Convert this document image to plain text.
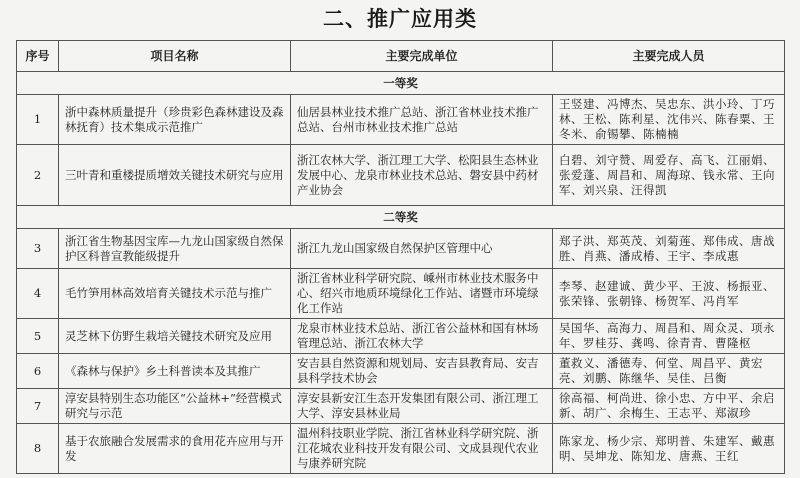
二、推广应用类
序号	项目名称	主要完成单位	主要完成人员
一等奖			
1	浙中森林质量提升（珍贵彩色森林建设及森林抚育）技术集成示范推广	仙居县林业技术推广总站、浙江省林业技术推广总站、台州市林业技术推广总站	王竖建、冯博杰、吴忠东、洪小玲、丁巧林、王松、陈利星、沈伟兴、陈春粟、王冬米、俞锡攀、陈楠楠
2	三叶青和重楼提质增效关键技术研究与应用	浙江农林大学、浙江理工大学、松阳县生态林业发展中心、龙泉市林业技术总站、磐安县中药材产业协会	白碧、刘守赞、周爱存、高飞、江丽娟、张爱蓬、周昌和、周海琼、钱永常、王向军、刘兴泉、汪得凯
二等奖			
3	浙江省生物基因宝库—九龙山国家级自然保护区科普宣教能级提升	浙江九龙山国家级自然保护区管理中心	郑子洪、郑英茂、刘菊莲、郑伟成、唐战胜、肖燕、潘成椿、王宇、李成惠
4	毛竹笋用林高效培育关键技术示范与推广	浙江省林业科学研究院、嵊州市林业技术服务中心、绍兴市地质环境绿化工作站、诸暨市环境绿化工作站	李琴、赵建诚、黄少平、王波、杨振亚、张荣锋、张朝锋、杨贺军、冯肖军
5	灵芝林下仿野生栽培关键技术研究及应用	龙泉市林业技术总站、浙江省公益林和国有林场管理总站、浙江农林大学	吴国华、高海力、周昌和、周众灵、项永年、罗桂芬、龚鸣、徐青青、曹隆枢
6	《森林与保护》乡土科普读本及其推广	安吉县自然资源和规划局、安吉县教育局、安吉县科学技术协会	董救义、潘德寿、何堂、周昌平、黄宏亮、刘鹏、陈继华、吴佳、吕衡
7	淳安县特别生态功能区“公益林+”经营模式研究与示范	淳安县新安江生态开发集团有限公司、浙江理工大学、淳安县林业局	徐高福、柯尚进、徐小忠、方中平、余启新、胡广、余梅生、王志平、郑淑珍
8	基于农旅融合发展需求的食用花卉应用与开发	温州科技职业学院、浙江省林业科学研究院、浙江花城农业科技开发有限公司、文成县现代农业与康养研究院	陈家龙、杨少宗、郑明普、朱建军、戴惠明、吴坤龙、陈知龙、唐燕、王红
